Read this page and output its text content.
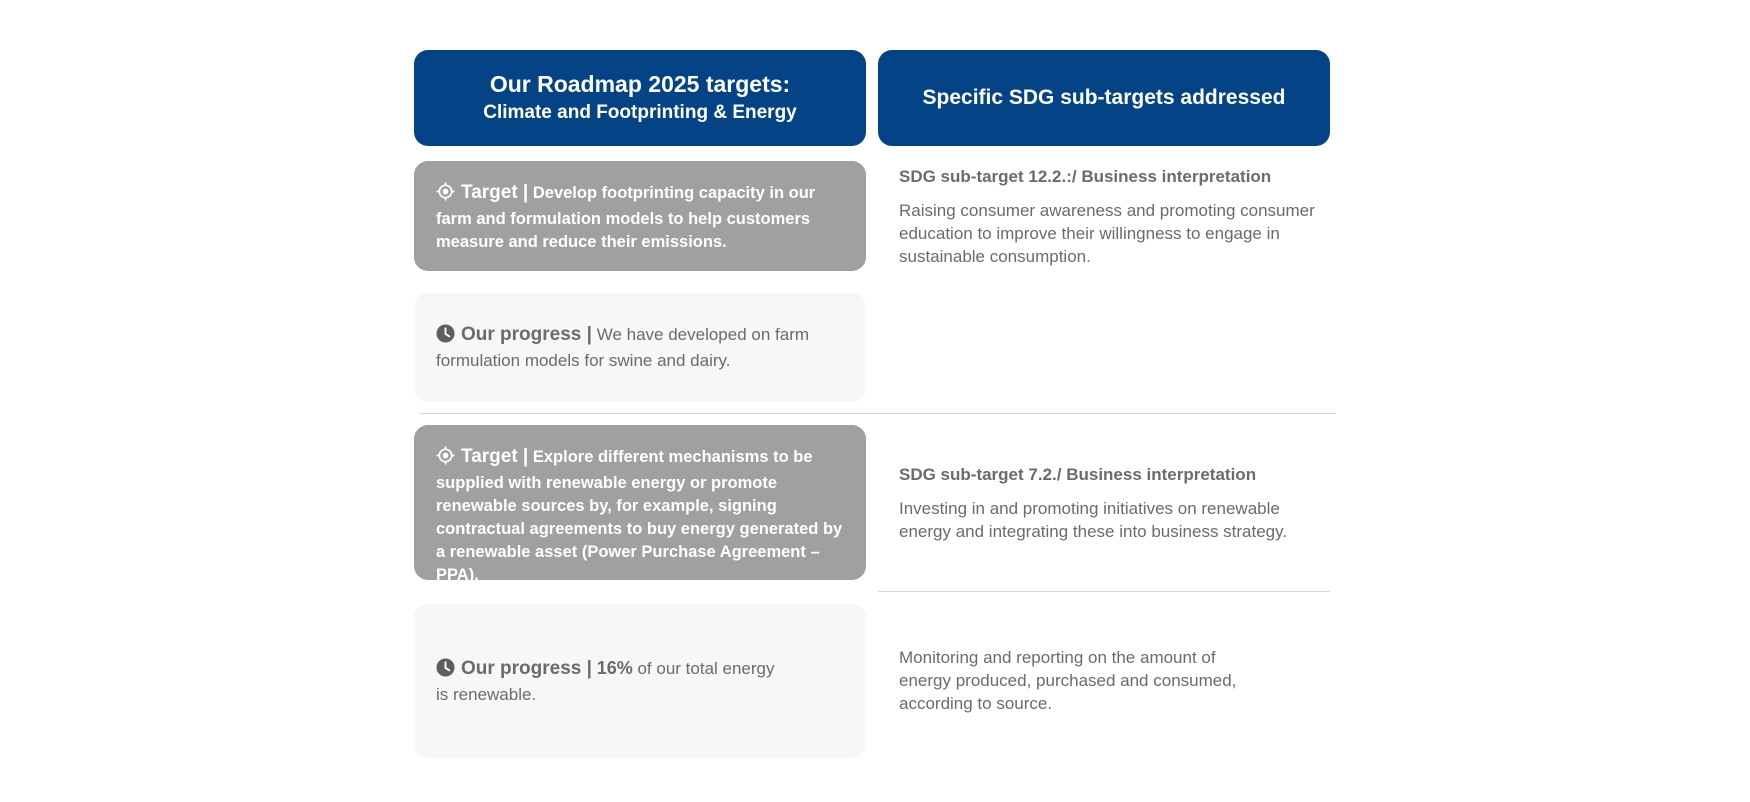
Our Roadmap 2025 targets:
Climate and Footprinting & Energy
Specific SDG sub-targets addressed
Target | Develop footprinting capacity in our farm and formulation models to help customers measure and reduce their emissions.
Our progress | We have developed on farm formulation models for swine and dairy.
SDG sub-target 12.2.:/ Business interpretation
Raising consumer awareness and promoting consumer education to improve their willingness to engage in sustainable consumption.
Target | Explore different mechanisms to be supplied with renewable energy or promote renewable sources by, for example, signing contractual agreements to buy energy generated by a renewable asset (Power Purchase Agreement – PPA).
Our progress | 16% of our total energy is renewable.
SDG sub-target 7.2./ Business interpretation
Investing in and promoting initiatives on renewable energy and integrating these into business strategy.
Monitoring and reporting on the amount of energy produced, purchased and consumed, according to source.
